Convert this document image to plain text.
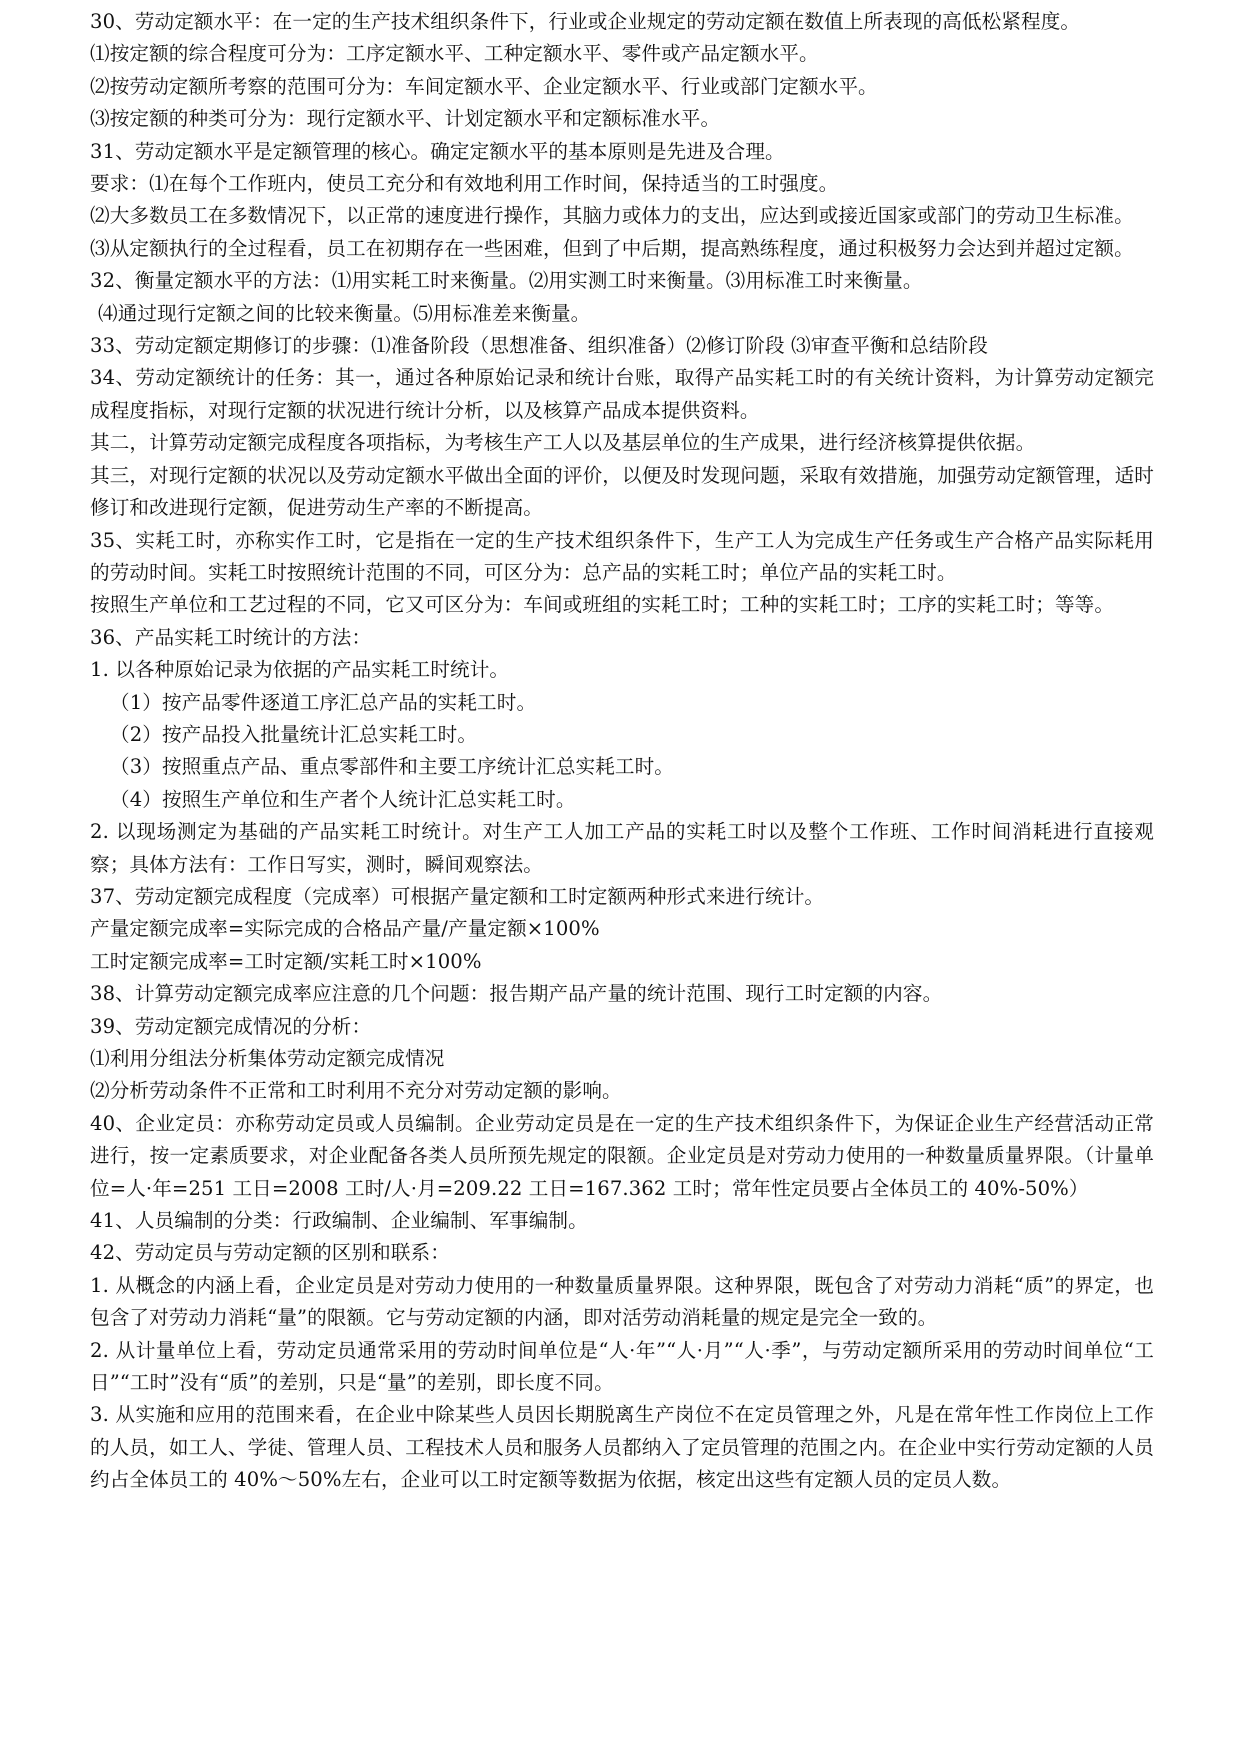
30、劳动定额水平：在一定的生产技术组织条件下，行业或企业规定的劳动定额在数值上所表现的高低松紧程度。

⑴按定额的综合程度可分为：工序定额水平、工种定额水平、零件或产品定额水平。

⑵按劳动定额所考察的范围可分为：车间定额水平、企业定额水平、行业或部门定额水平。

⑶按定额的种类可分为：现行定额水平、计划定额水平和定额标准水平。

31、劳动定额水平是定额管理的核心。确定定额水平的基本原则是先进及合理。

要求：⑴在每个工作班内，使员工充分和有效地利用工作时间，保持适当的工时强度。

⑵大多数员工在多数情况下，以正常的速度进行操作，其脑力或体力的支出，应达到或接近国家或部门的劳动卫生标准。

⑶从定额执行的全过程看，员工在初期存在一些困难，但到了中后期，提高熟练程度，通过积极努力会达到并超过定额。

32、衡量定额水平的方法：⑴用实耗工时来衡量。⑵用实测工时来衡量。⑶用标准工时来衡量。

⑷通过现行定额之间的比较来衡量。⑸用标准差来衡量。

33、劳动定额定期修订的步骤：⑴准备阶段（思想准备、组织准备）⑵修订阶段 ⑶审查平衡和总结阶段

34、劳动定额统计的任务：其一，通过各种原始记录和统计台账，取得产品实耗工时的有关统计资料，为计算劳动定额完成程度指标，对现行定额的状况进行统计分析，以及核算产品成本提供资料。

其二，计算劳动定额完成程度各项指标，为考核生产工人以及基层单位的生产成果，进行经济核算提供依据。

其三，对现行定额的状况以及劳动定额水平做出全面的评价，以便及时发现问题，采取有效措施，加强劳动定额管理，适时修订和改进现行定额，促进劳动生产率的不断提高。

35、实耗工时，亦称实作工时，它是指在一定的生产技术组织条件下，生产工人为完成生产任务或生产合格产品实际耗用的劳动时间。实耗工时按照统计范围的不同，可区分为：总产品的实耗工时；单位产品的实耗工时。

按照生产单位和工艺过程的不同，它又可区分为：车间或班组的实耗工时；工种的实耗工时；工序的实耗工时；等等。

36、产品实耗工时统计的方法：

1. 以各种原始记录为依据的产品实耗工时统计。

（1）按产品零件逐道工序汇总产品的实耗工时。

（2）按产品投入批量统计汇总实耗工时。

（3）按照重点产品、重点零部件和主要工序统计汇总实耗工时。

（4）按照生产单位和生产者个人统计汇总实耗工时。

2. 以现场测定为基础的产品实耗工时统计。对生产工人加工产品的实耗工时以及整个工作班、工作时间消耗进行直接观察；具体方法有：工作日写实，测时，瞬间观察法。

37、劳动定额完成程度（完成率）可根据产量定额和工时定额两种形式来进行统计。

产量定额完成率=实际完成的合格品产量/产量定额×100%

工时定额完成率=工时定额/实耗工时×100%

38、计算劳动定额完成率应注意的几个问题：报告期产品产量的统计范围、现行工时定额的内容。

39、劳动定额完成情况的分析：

⑴利用分组法分析集体劳动定额完成情况

⑵分析劳动条件不正常和工时利用不充分对劳动定额的影响。

40、企业定员：亦称劳动定员或人员编制。企业劳动定员是在一定的生产技术组织条件下，为保证企业生产经营活动正常进行，按一定素质要求，对企业配备各类人员所预先规定的限额。企业定员是对劳动力使用的一种数量质量界限。（计量单位=人·年=251 工日=2008 工时/人·月=209.22 工日=167.362 工时；常年性定员要占全体员工的 40%-50%）

41、人员编制的分类：行政编制、企业编制、军事编制。

42、劳动定员与劳动定额的区别和联系：

1. 从概念的内涵上看，企业定员是对劳动力使用的一种数量质量界限。这种界限，既包含了对劳动力消耗“质”的界定，也包含了对劳动力消耗“量”的限额。它与劳动定额的内涵，即对活劳动消耗量的规定是完全一致的。

2. 从计量单位上看，劳动定员通常采用的劳动时间单位是“人·年”“人·月”“人·季”，与劳动定额所采用的劳动时间单位“工日”“工时”没有“质”的差别，只是“量”的差别，即长度不同。

3. 从实施和应用的范围来看，在企业中除某些人员因长期脱离生产岗位不在定员管理之外，凡是在常年性工作岗位上工作的人员，如工人、学徒、管理人员、工程技术人员和服务人员都纳入了定员管理的范围之内。在企业中实行劳动定额的人员约占全体员工的 40%～50%左右，企业可以工时定额等数据为依据，核定出这些有定额人员的定员人数。
